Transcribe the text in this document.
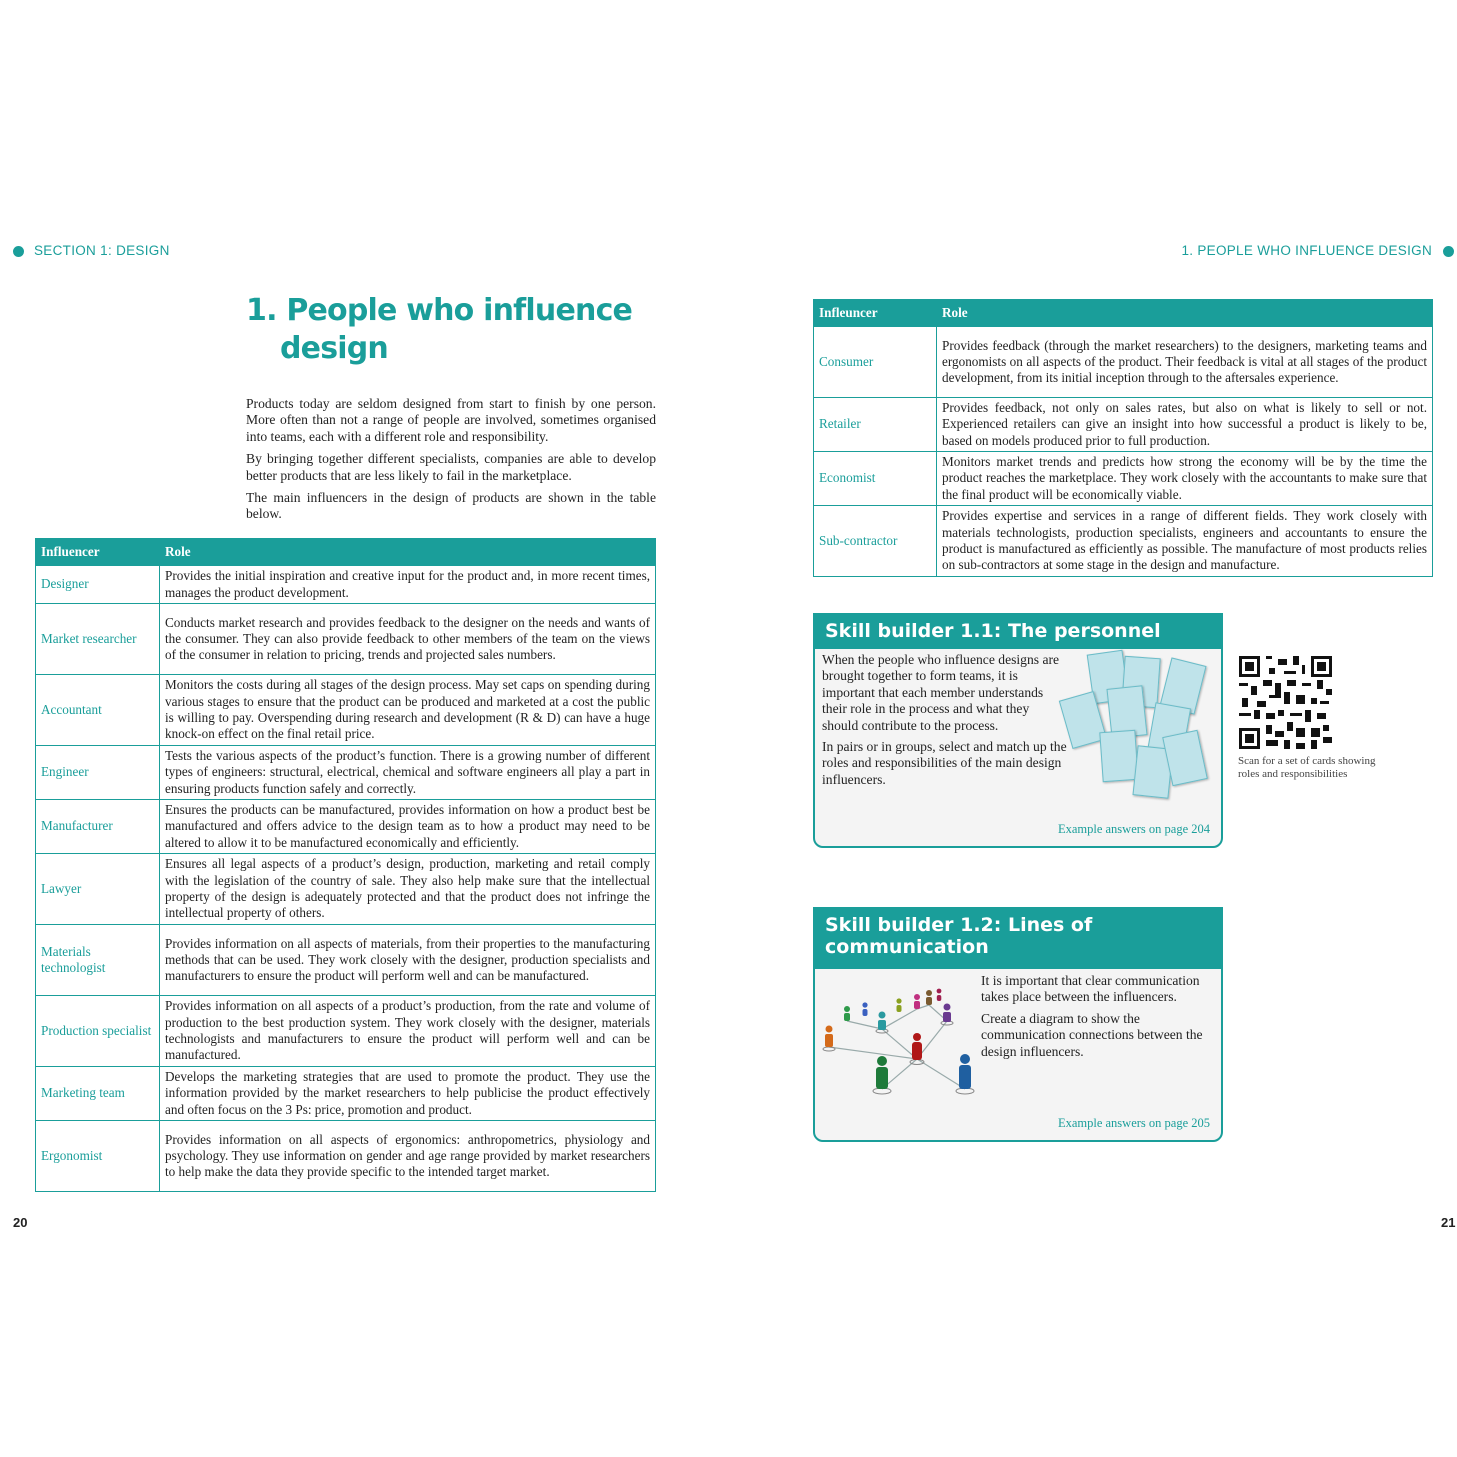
SECTION 1: DESIGN	1. PEOPLE WHO INFLUENCE DESIGN
1. People who influence
design

Products today are seldom designed from start to finish by one person. More often than not a range of people are involved, sometimes organised into teams, each with a different role and responsibility.

By bringing together different specialists, companies are able to develop better products that are less likely to fail in the marketplace.

The main influencers in the design of products are shown in the table below.

Influencer	Role
Designer	Provides the initial inspiration and creative input for the product and, in more recent times, manages the product development.
Market researcher	Conducts market research and provides feedback to the designer on the needs and wants of the consumer. They can also provide feedback to other members of the team on the views of the consumer in relation to pricing, trends and projected sales numbers.
Accountant	Monitors the costs during all stages of the design process. May set caps on spending during various stages to ensure that the product can be produced and marketed at a cost the public is willing to pay. Overspending during research and development (R & D) can have a huge knock-on effect on the final retail price.
Engineer	Tests the various aspects of the product’s function. There is a growing number of different types of engineers: structural, electrical, chemical and software engineers all play a part in ensuring products function safely and correctly.
Manufacturer	Ensures the products can be manufactured, provides information on how a product best be manufactured and offers advice to the design team as to how a product may need to be altered to allow it to be manufactured economically and efficiently.
Lawyer	Ensures all legal aspects of a product’s design, production, marketing and retail comply with the legislation of the country of sale. They also help make sure that the intellectual property of the design is adequately protected and that the product does not infringe the intellectual property of others.
Materials technologist	Provides information on all aspects of materials, from their properties to the manufacturing methods that can be used. They work closely with the designer, production specialists and manufacturers to ensure the product will perform well and can be manufactured.
Production specialist	Provides information on all aspects of a product’s production, from the rate and volume of production to the best production system. They work closely with the designer, materials technologists and manufacturers to ensure the product will perform well and can be manufactured.
Marketing team	Develops the marketing strategies that are used to promote the product. They use the information provided by the market researchers to help publicise the product effectively and often focus on the 3 Ps: price, promotion and product.
Ergonomist	Provides information on all aspects of ergonomics: anthropometrics, physiology and psychology. They use information on gender and age range provided by market researchers to help make the data they provide specific to the intended target market.
20
Infleuncer	Role
Consumer	Provides feedback (through the market researchers) to the designers, marketing teams and ergonomists on all aspects of the product. Their feedback is vital at all stages of the product development, from its initial inception through to the aftersales experience.
Retailer	Provides feedback, not only on sales rates, but also on what is likely to sell or not. Experienced retailers can give an insight into how successful a product is likely to be, based on models produced prior to full production.
Economist	Monitors market trends and predicts how strong the economy will be by the time the product reaches the marketplace. They work closely with the accountants to make sure that the final product will be economically viable.
Sub-contractor	Provides expertise and services in a range of different fields. They work closely with materials technologists, production specialists, engineers and accountants to ensure the product is manufactured as efficiently as possible. The manufacture of most products relies on sub-contractors at some stage in the design and manufacture.
Skill builder 1.1: The personnel

When the people who influence designs are brought together to form teams, it is important that each member understands their role in the process and what they should contribute to the process.

In pairs or in groups, select and match up the roles and responsibilities of the main design influencers.

Example answers on page 204
Scan for a set of cards showing roles and responsibilities
Skill builder 1.2: Lines of
communication

It is important that clear communication takes place between the influencers.

Create a diagram to show the communication connections between the design influencers.

Example answers on page 205
21
